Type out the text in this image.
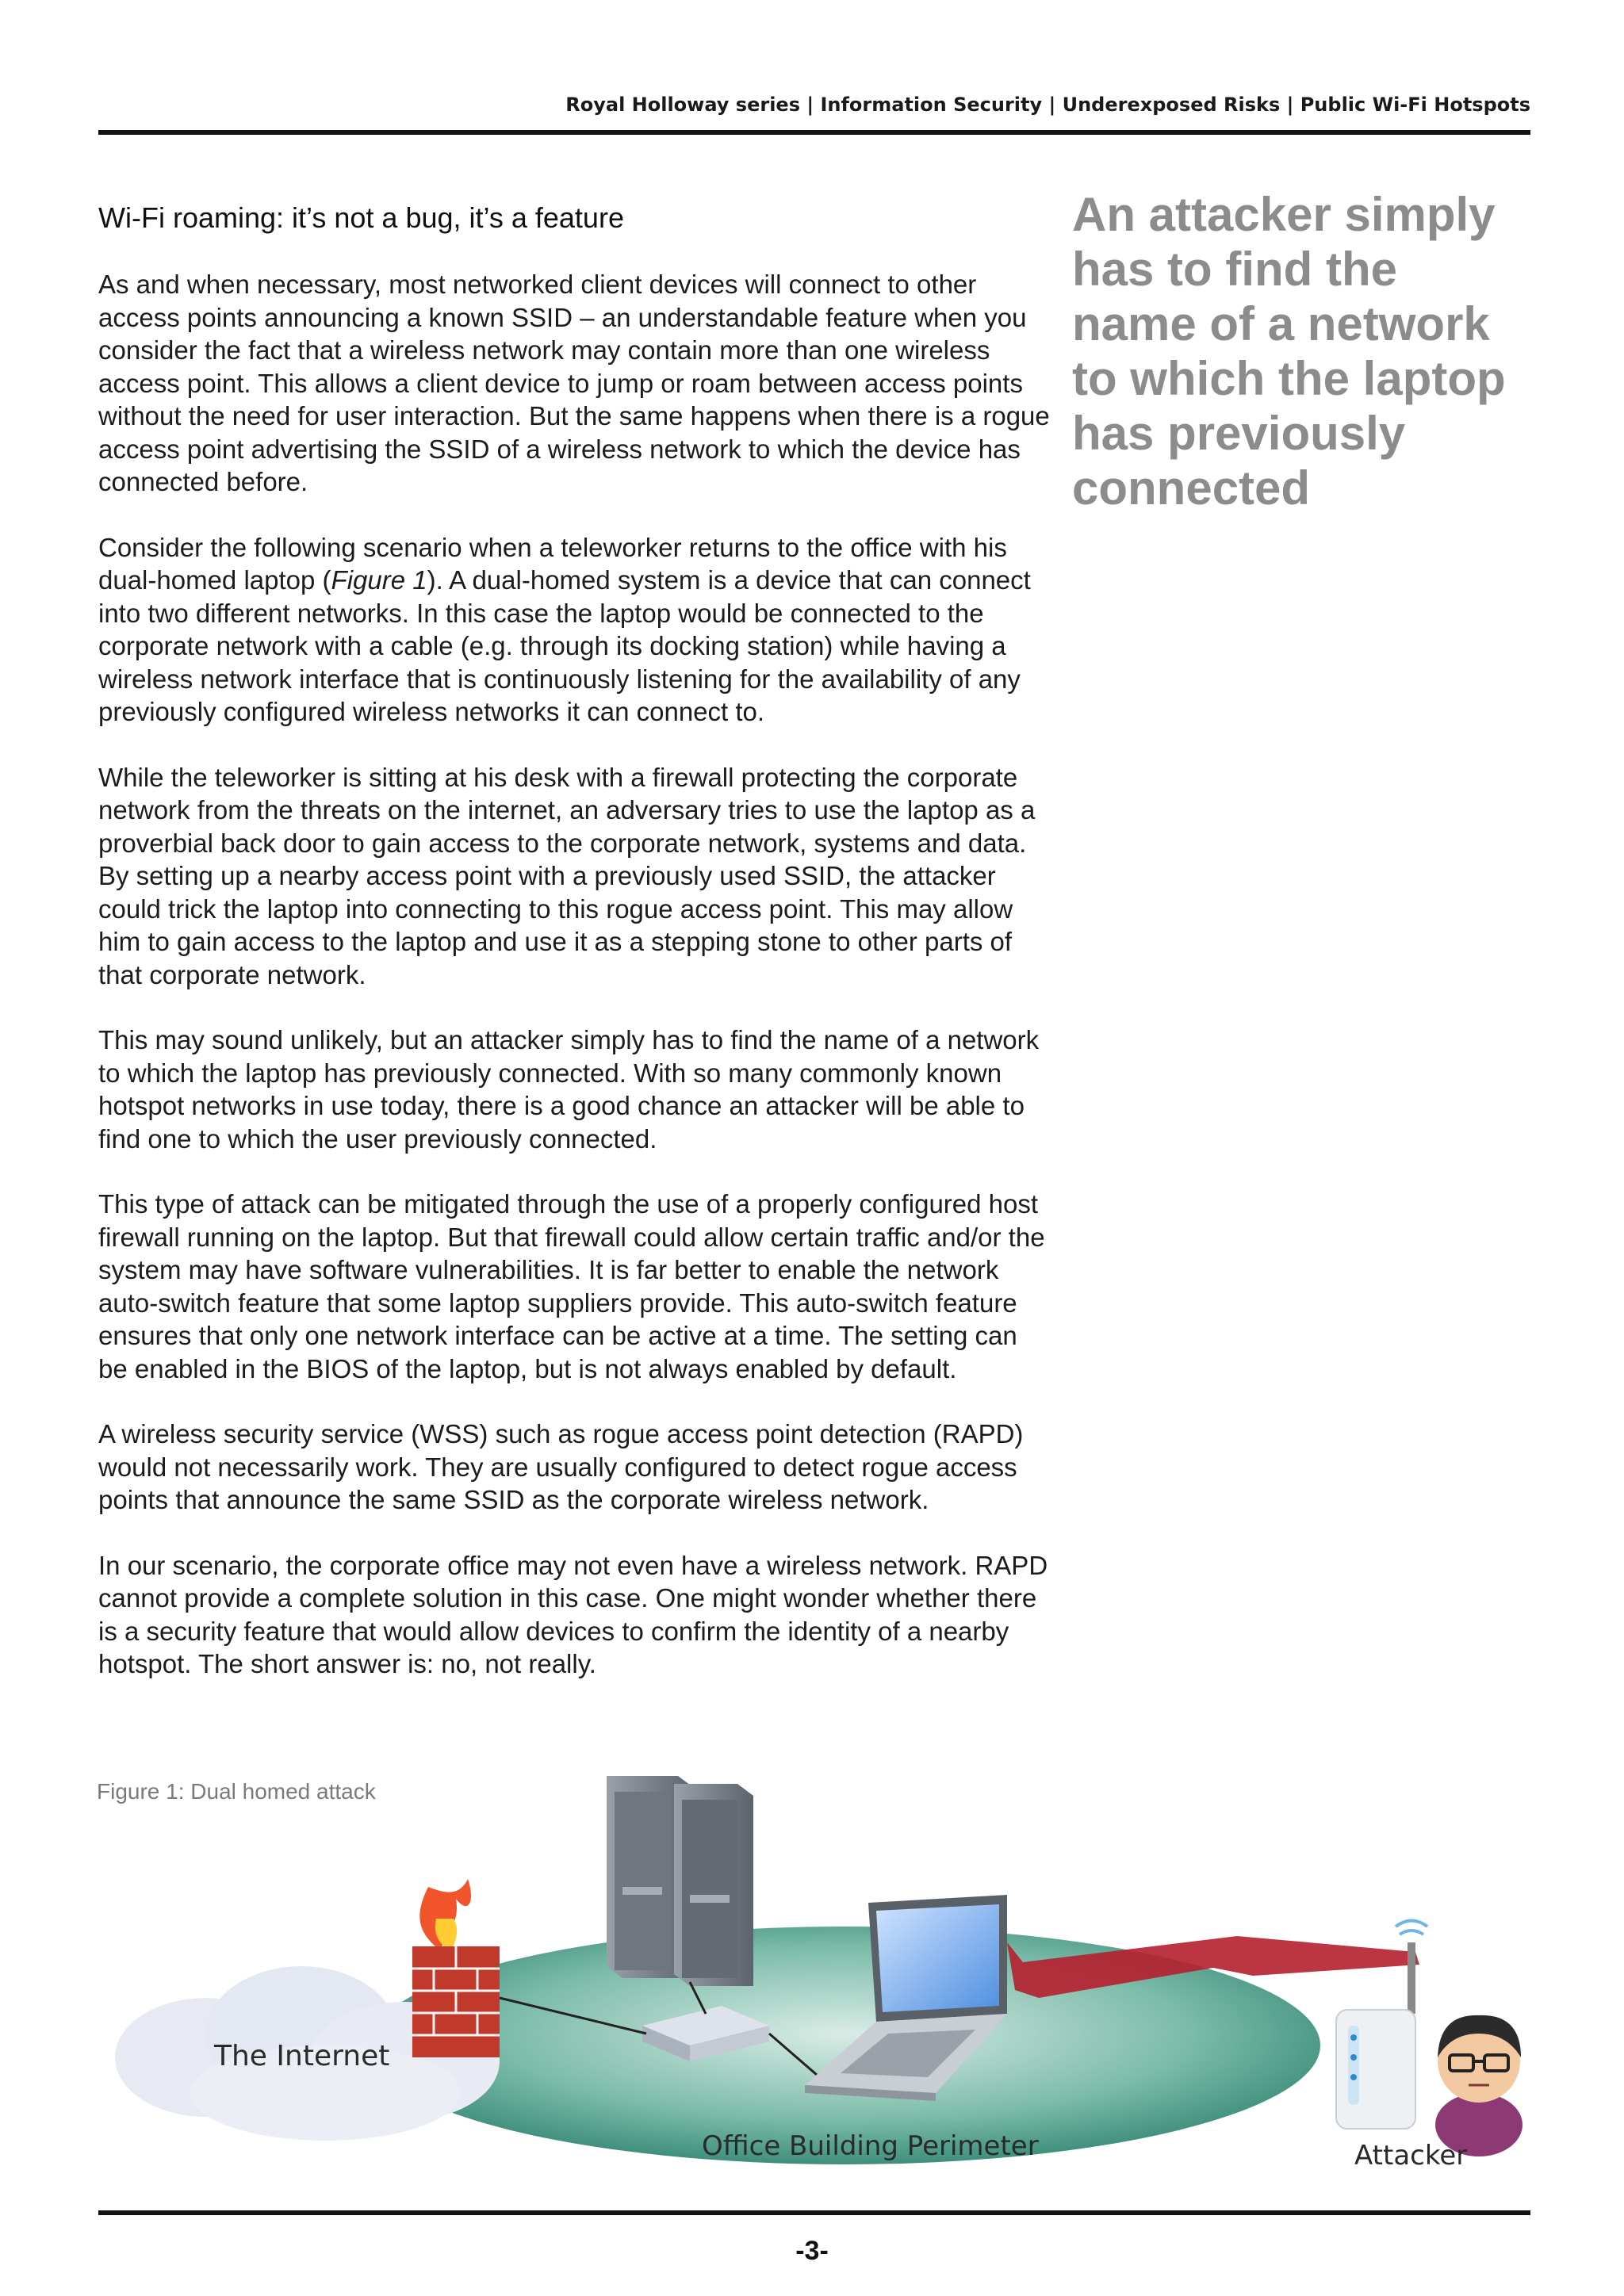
Royal Holloway series | Information Security | Underexposed Risks | Public Wi-Fi Hotspots
Wi-Fi roaming: it’s not a bug, it’s a feature

As and when necessary, most networked client devices will connect to other access points announcing a known SSID – an understandable feature when you consider the fact that a wireless network may contain more than one wireless access point. This allows a client device to jump or roam between access points without the need for user interaction. But the same happens when there is a rogue access point advertising the SSID of a wireless network to which the device has connected before.

Consider the following scenario when a teleworker returns to the office with his dual-homed laptop (Figure 1). A dual-homed system is a device that can connect into two different networks. In this case the laptop would be connected to the corporate network with a cable (e.g. through its docking station) while having a wireless network interface that is continuously listening for the availability of any previously configured wireless networks it can connect to.

While the teleworker is sitting at his desk with a firewall protecting the corporate network from the threats on the internet, an adversary tries to use the laptop as a proverbial back door to gain access to the corporate network, systems and data. By setting up a nearby access point with a previously used SSID, the attacker could trick the laptop into connecting to this rogue access point. This may allow him to gain access to the laptop and use it as a stepping stone to other parts of that corporate network.

This may sound unlikely, but an attacker simply has to find the name of a network to which the laptop has previously connected. With so many commonly known hotspot networks in use today, there is a good chance an attacker will be able to find one to which the user previously connected.

This type of attack can be mitigated through the use of a properly configured host firewall running on the laptop. But that firewall could allow certain traffic and/or the system may have software vulnerabilities. It is far better to enable the network auto-switch feature that some laptop suppliers provide. This auto-switch feature ensures that only one network interface can be active at a time. The setting can be enabled in the BIOS of the laptop, but is not always enabled by default.

A wireless security service (WSS) such as rogue access point detection (RAPD) would not necessarily work. They are usually configured to detect rogue access points that announce the same SSID as the corporate wireless network.

In our scenario, the corporate office may not even have a wireless network. RAPD cannot provide a complete solution in this case. One might wonder whether there is a security feature that would allow devices to confirm the identity of a nearby hotspot. The short answer is: no, not really.

An attacker simply has to find the name of a network to which the laptop has previously connected
The Internet
Office Building Perimeter	Attacker
Figure 1: Dual homed attack
-3-
